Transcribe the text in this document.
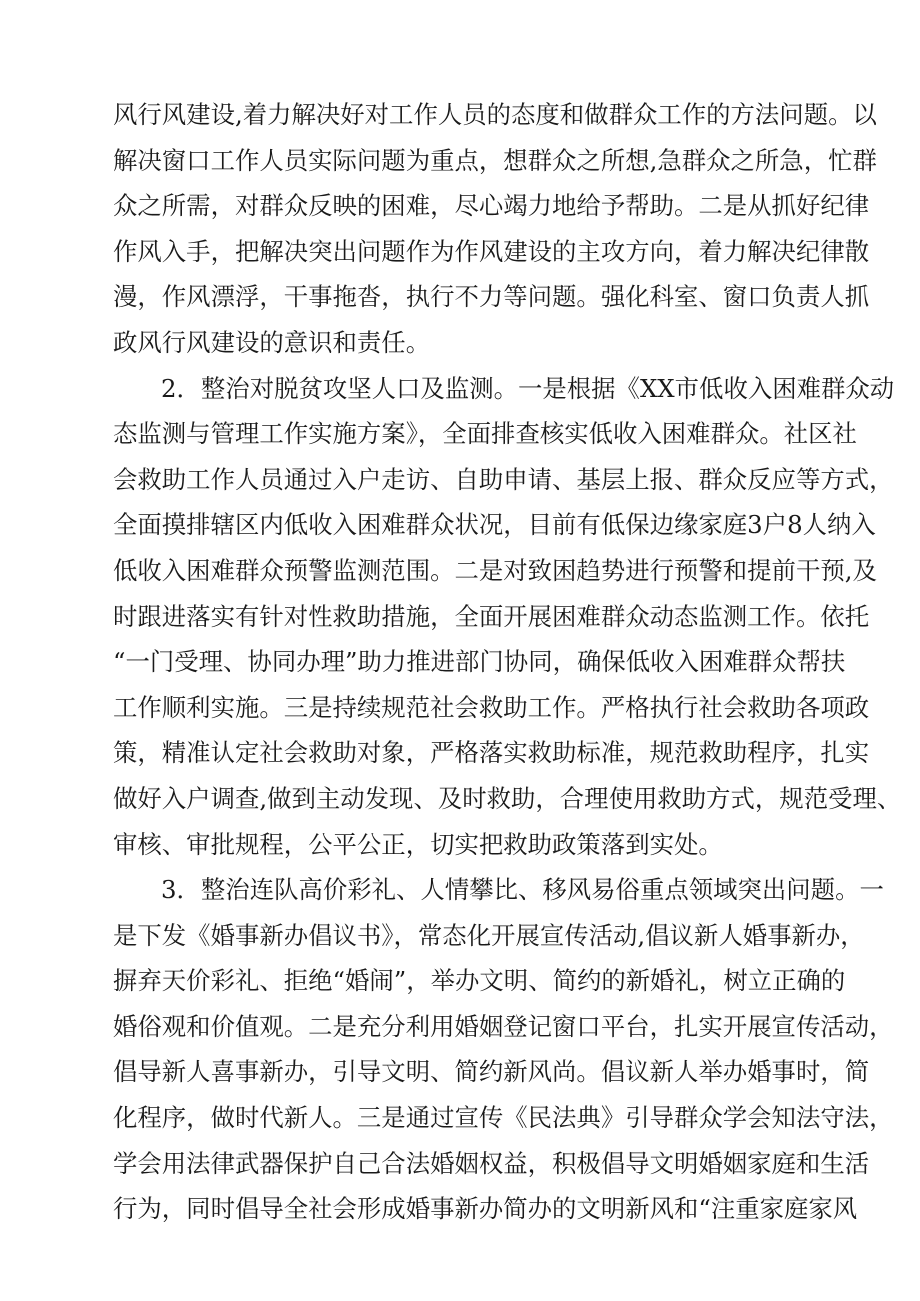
风行风建设,着力解决好对工作人员的态度和做群众工作的方法问题。以
解决窗口工作人员实际问题为重点，想群众之所想,急群众之所急，忙群
众之所需，对群众反映的困难，尽心竭力地给予帮助。二是从抓好纪律
作风入手，把解决突出问题作为作风建设的主攻方向，着力解决纪律散
漫，作风漂浮，干事拖沓，执行不力等问题。强化科室、窗口负责人抓
政风行风建设的意识和责任。
2．整治对脱贫攻坚人口及监测。一是根据《XX市低收入困难群众动
态监测与管理工作实施方案》，全面排查核实低收入困难群众。社区社
会救助工作人员通过入户走访、自助申请、基层上报、群众反应等方式，
全面摸排辖区内低收入困难群众状况，目前有低保边缘家庭3户8人纳入
低收入困难群众预警监测范围。二是对致困趋势进行预警和提前干预,及
时跟进落实有针对性救助措施，全面开展困难群众动态监测工作。依托
“一门受理、协同办理”助力推进部门协同，确保低收入困难群众帮扶
工作顺利实施。三是持续规范社会救助工作。严格执行社会救助各项政
策，精准认定社会救助对象，严格落实救助标准，规范救助程序，扎实
做好入户调查,做到主动发现、及时救助，合理使用救助方式，规范受理、
审核、审批规程，公平公正，切实把救助政策落到实处。
3．整治连队高价彩礼、人情攀比、移风易俗重点领域突出问题。一
是下发《婚事新办倡议书》，常态化开展宣传活动,倡议新人婚事新办，
摒弃天价彩礼、拒绝“婚闹”，举办文明、简约的新婚礼，树立正确的
婚俗观和价值观。二是充分利用婚姻登记窗口平台，扎实开展宣传活动，
倡导新人喜事新办，引导文明、简约新风尚。倡议新人举办婚事时，简
化程序，做时代新人。三是通过宣传《民法典》引导群众学会知法守法，
学会用法律武器保护自己合法婚姻权益，积极倡导文明婚姻家庭和生活
行为，同时倡导全社会形成婚事新办简办的文明新风和“注重家庭家风
